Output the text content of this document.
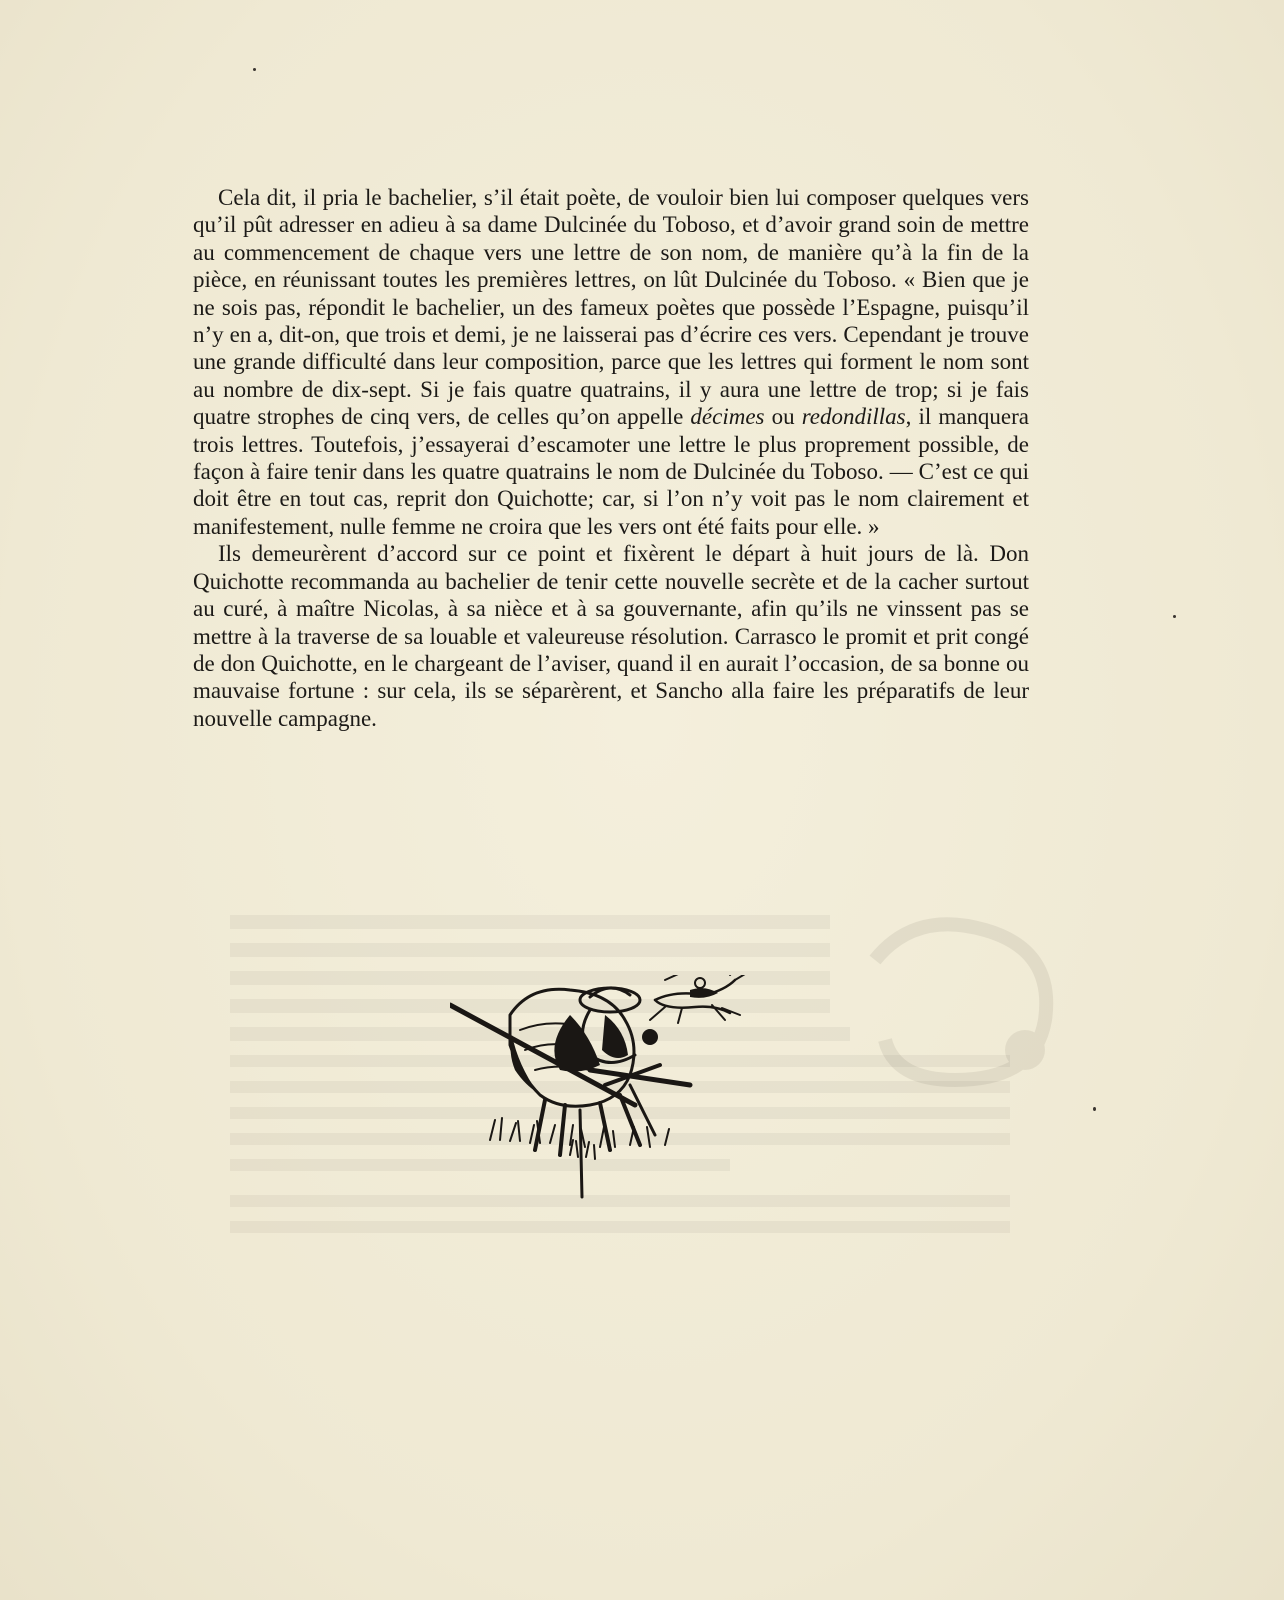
Cela dit, il pria le bachelier, s’il était poète, de vouloir bien lui composer quelques vers qu’il pût adresser en adieu à sa dame Dulcinée du Toboso, et d’avoir grand soin de mettre au commencement de chaque vers une lettre de son nom, de manière qu’à la fin de la pièce, en réunissant toutes les premières lettres, on lût Dulcinée du Toboso. « Bien que je ne sois pas, répondit le bachelier, un des fameux poètes que possède l’Espagne, puisqu’il n’y en a, dit-on, que trois et demi, je ne laisserai pas d’écrire ces vers. Cependant je trouve une grande difficulté dans leur composition, parce que les lettres qui forment le nom sont au nombre de dix-sept. Si je fais quatre quatrains, il y aura une lettre de trop; si je fais quatre strophes de cinq vers, de celles qu’on appelle décimes ou redondillas, il manquera trois lettres. Toutefois, j’essayerai d’escamoter une lettre le plus proprement possible, de façon à faire tenir dans les quatre quatrains le nom de Dulcinée du Toboso. — C’est ce qui doit être en tout cas, reprit don Quichotte; car, si l’on n’y voit pas le nom clairement et manifestement, nulle femme ne croira que les vers ont été faits pour elle. »

Ils demeurèrent d’accord sur ce point et fixèrent le départ à huit jours de là. Don Quichotte recommanda au bachelier de tenir cette nouvelle secrète et de la cacher surtout au curé, à maître Nicolas, à sa nièce et à sa gouvernante, afin qu’ils ne vinssent pas se mettre à la traverse de sa louable et valeureuse résolution. Carrasco le promit et prit congé de don Quichotte, en le chargeant de l’aviser, quand il en aurait l’occasion, de sa bonne ou mauvaise fortune : sur cela, ils se séparèrent, et Sancho alla faire les préparatifs de leur nouvelle campagne.
